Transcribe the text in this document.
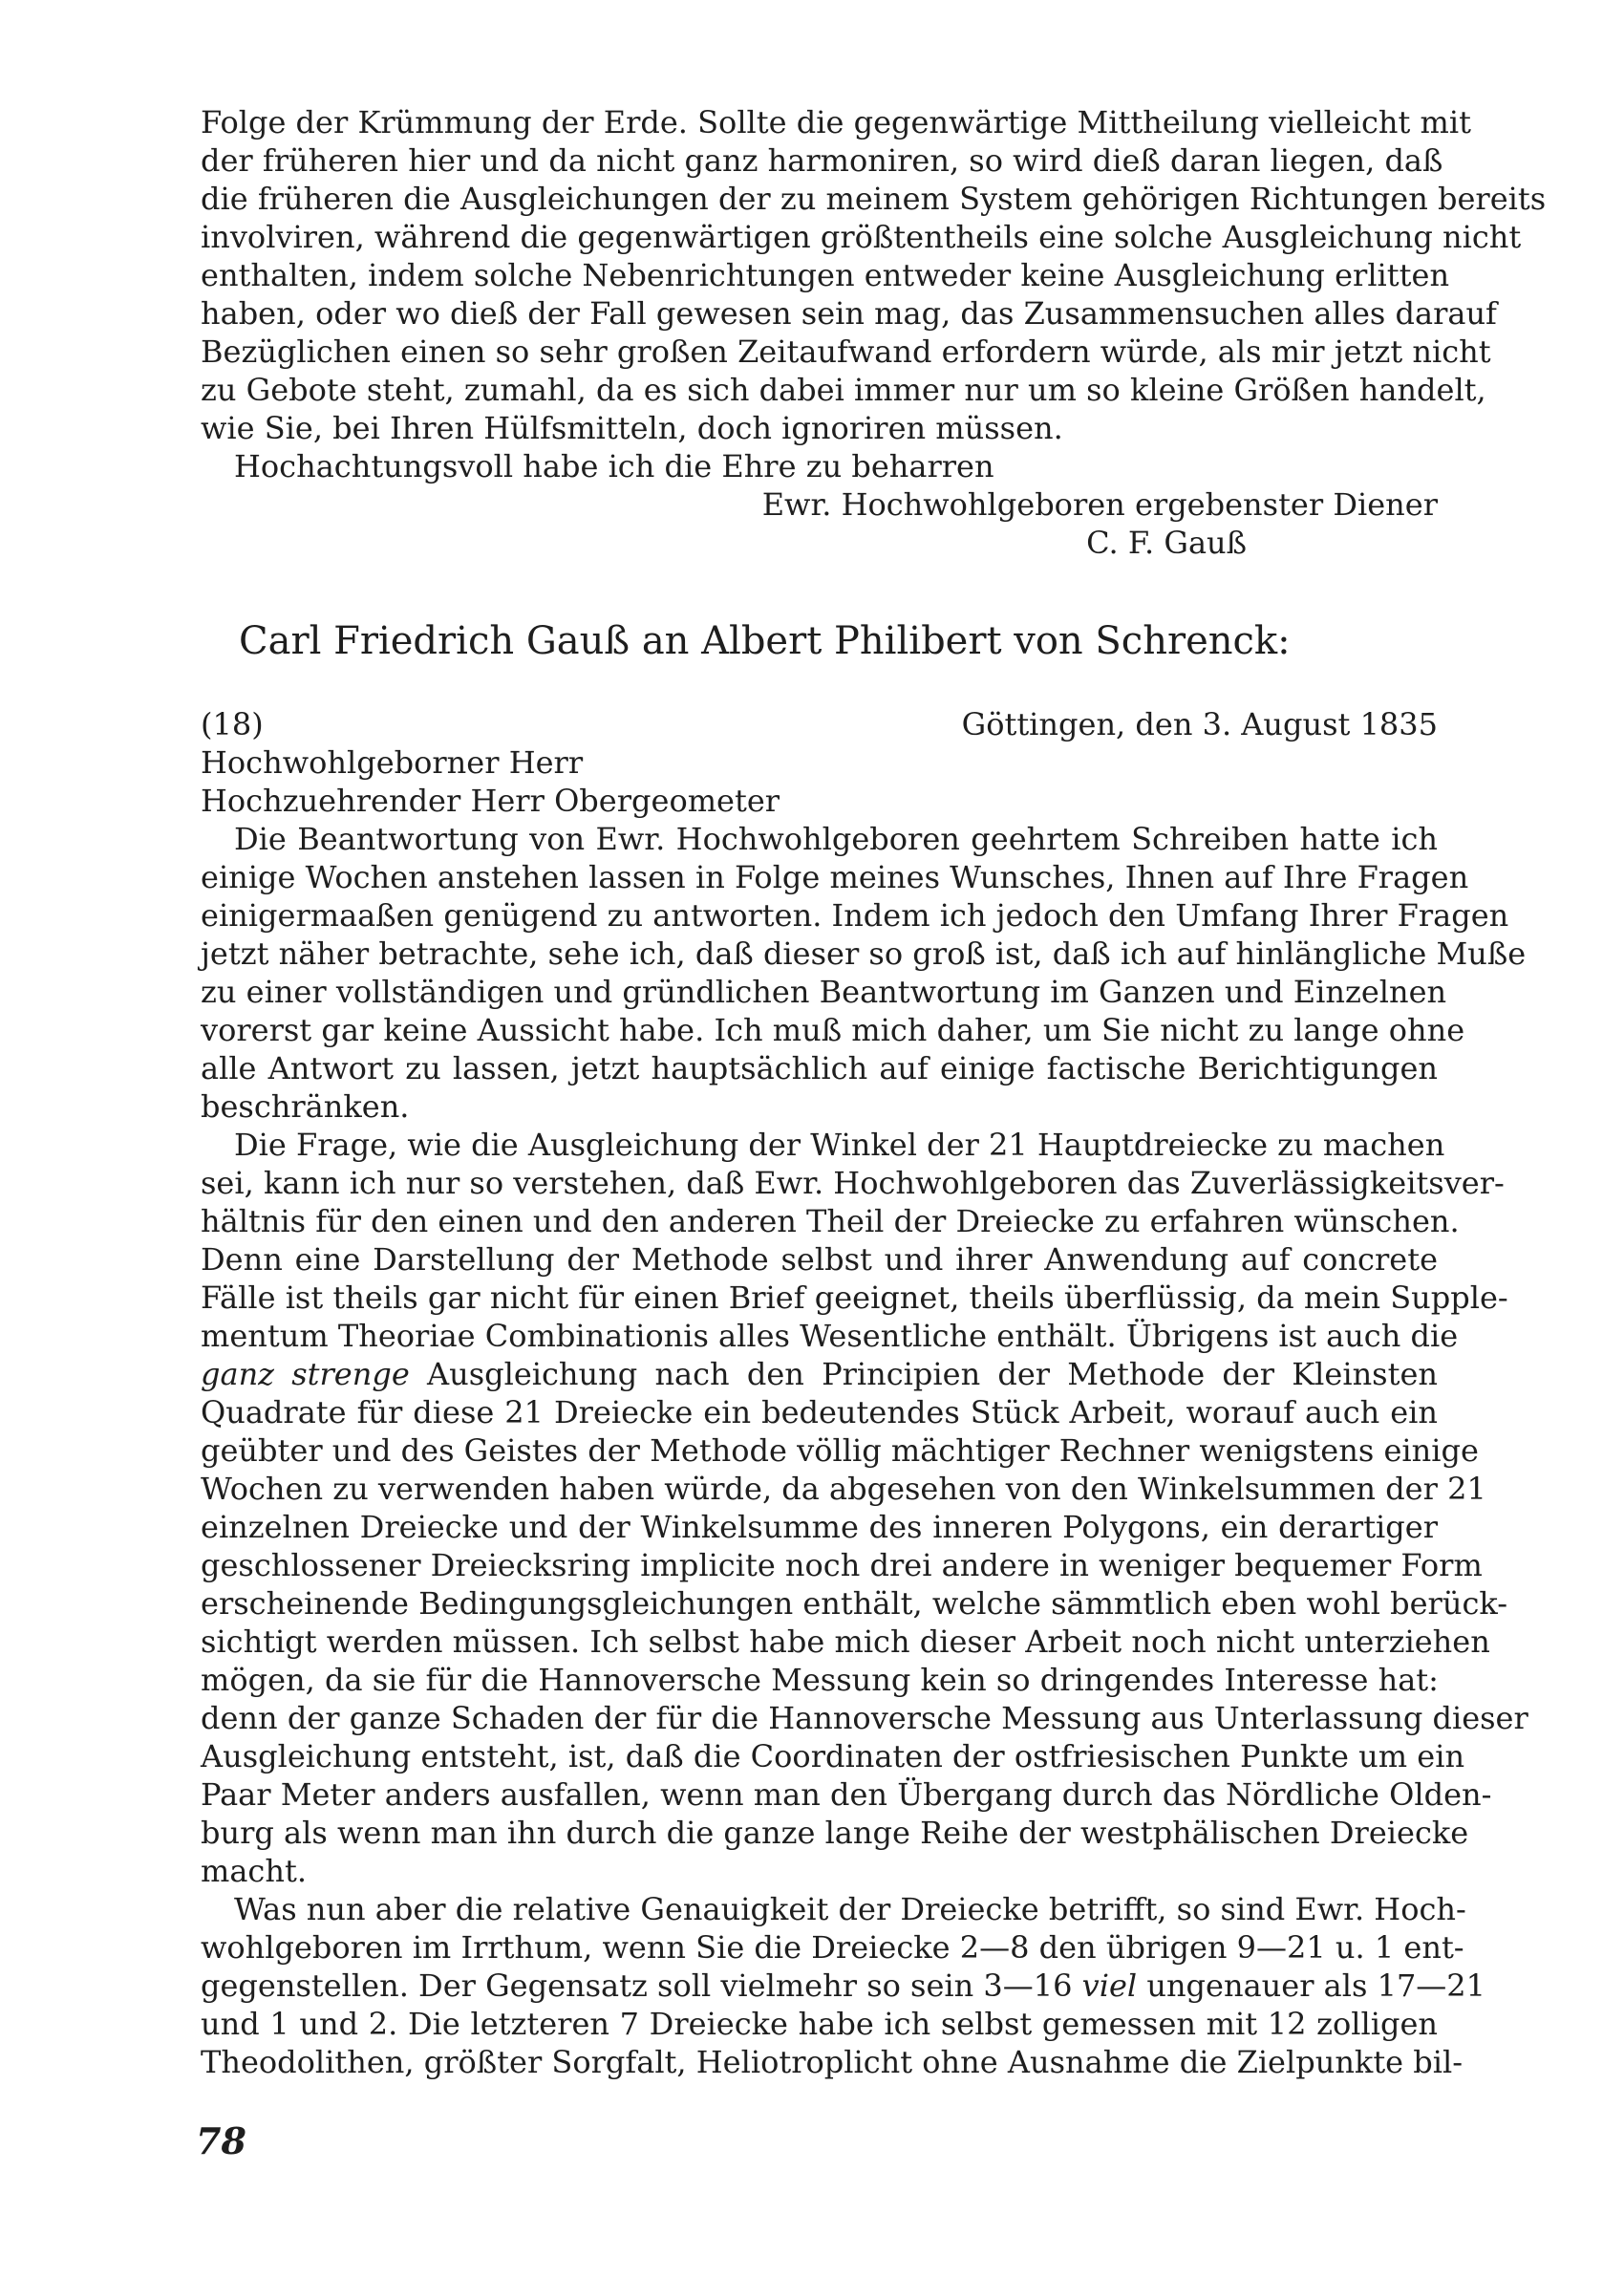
Folge der Krümmung der Erde. Sollte die gegenwärtige Mittheilung vielleicht mit
der früheren hier und da nicht ganz harmoniren, so wird dieß daran liegen, daß
die früheren die Ausgleichungen der zu meinem System gehörigen Richtungen bereits
involviren, während die gegenwärtigen größtentheils eine solche Ausgleichung nicht
enthalten, indem solche Nebenrichtungen entweder keine Ausgleichung erlitten
haben, oder wo dieß der Fall gewesen sein mag, das Zusammensuchen alles darauf
Bezüglichen einen so sehr großen Zeitaufwand erfordern würde, als mir jetzt nicht
zu Gebote steht, zumahl, da es sich dabei immer nur um so kleine Größen handelt,
wie Sie, bei Ihren Hülfsmitteln, doch ignoriren müssen.
Hochachtungsvoll habe ich die Ehre zu beharren
Ewr. Hochwohlgeboren ergebenster Diener
C. F. Gauß
Carl Friedrich Gauß an Albert Philibert von Schrenck:
(18)	Göttingen, den 3. August 1835
Hochwohlgeborner Herr
Hochzuehrender Herr Obergeometer
Die Beantwortung von Ewr. Hochwohlgeboren geehrtem Schreiben hatte ich
einige Wochen anstehen lassen in Folge meines Wunsches, Ihnen auf Ihre Fragen
einigermaaßen genügend zu antworten. Indem ich jedoch den Umfang Ihrer Fragen
jetzt näher betrachte, sehe ich, daß dieser so groß ist, daß ich auf hinlängliche Muße
zu einer vollständigen und gründlichen Beantwortung im Ganzen und Einzelnen
vorerst gar keine Aussicht habe. Ich muß mich daher, um Sie nicht zu lange ohne
alle Antwort zu lassen, jetzt hauptsächlich auf einige factische Berichtigungen
beschränken.
Die Frage, wie die Ausgleichung der Winkel der 21 Hauptdreiecke zu machen
sei, kann ich nur so verstehen, daß Ewr. Hochwohlgeboren das Zuverlässigkeitsver-
hältnis für den einen und den anderen Theil der Dreiecke zu erfahren wünschen.
Denn eine Darstellung der Methode selbst und ihrer Anwendung auf concrete
Fälle ist theils gar nicht für einen Brief geeignet, theils überflüssig, da mein Supple-
mentum Theoriae Combinationis alles Wesentliche enthält. Übrigens ist auch die
ganz strenge Ausgleichung nach den Principien der Methode der Kleinsten
Quadrate für diese 21 Dreiecke ein bedeutendes Stück Arbeit, worauf auch ein
geübter und des Geistes der Methode völlig mächtiger Rechner wenigstens einige
Wochen zu verwenden haben würde, da abgesehen von den Winkelsummen der 21
einzelnen Dreiecke und der Winkelsumme des inneren Polygons, ein derartiger
geschlossener Dreiecksring implicite noch drei andere in weniger bequemer Form
erscheinende Bedingungsgleichungen enthält, welche sämmtlich eben wohl berück-
sichtigt werden müssen. Ich selbst habe mich dieser Arbeit noch nicht unterziehen
mögen, da sie für die Hannoversche Messung kein so dringendes Interesse hat:
denn der ganze Schaden der für die Hannoversche Messung aus Unterlassung dieser
Ausgleichung entsteht, ist, daß die Coordinaten der ostfriesischen Punkte um ein
Paar Meter anders ausfallen, wenn man den Übergang durch das Nördliche Olden-
burg als wenn man ihn durch die ganze lange Reihe der westphälischen Dreiecke
macht.
Was nun aber die relative Genauigkeit der Dreiecke betrifft, so sind Ewr. Hoch-
wohlgeboren im Irrthum, wenn Sie die Dreiecke 2—8 den übrigen 9—21 u. 1 ent-
gegenstellen. Der Gegensatz soll vielmehr so sein 3—16 viel ungenauer als 17—21
und 1 und 2. Die letzteren 7 Dreiecke habe ich selbst gemessen mit 12 zolligen
Theodolithen, größter Sorgfalt, Heliotroplicht ohne Ausnahme die Zielpunkte bil-
78
